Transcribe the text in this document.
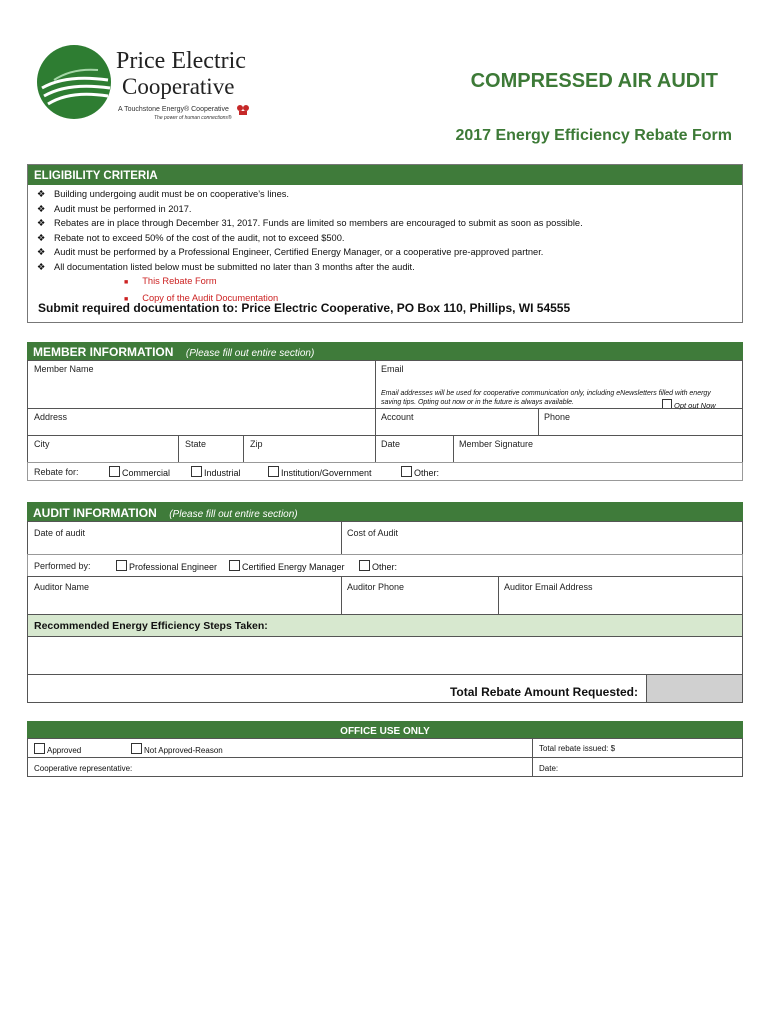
Price Electric
Cooperative
A Touchstone Energy® Cooperative
The power of human connections®
COMPRESSED AIR AUDIT
2017 Energy Efficiency Rebate Form
ELIGIBILITY CRITERIA
❖ Building undergoing audit must be on cooperative’s lines.
❖ Audit must be performed in 2017.
❖ Rebates are in place through December 31, 2017. Funds are limited so members are encouraged to submit as soon as possible.
❖ Rebate not to exceed 50% of the cost of the audit, not to exceed $500.
❖ Audit must be performed by a Professional Engineer, Certified Energy Manager, or a cooperative pre-approved partner.
❖ All documentation listed below must be submitted no later than 3 months after the audit.
■ This Rebate Form
■ Copy of the Audit Documentation
Submit required documentation to: Price Electric Cooperative, PO Box 110, Phillips, WI 54555
MEMBER INFORMATION (Please fill out entire section)
Member Name	Email
Email addresses will be used for cooperative communication only, including eNewsletters filled with energy saving tips. Opting out now or in the future is always available.	Opt out Now
Address	Account	Phone
City	State	Zip	Date	Member Signature
Rebate for:	Commercial	Industrial	Institution/Government	Other:
AUDIT INFORMATION (Please fill out entire section)
Date of audit	Cost of Audit
Performed by:	Professional Engineer	Certified Energy Manager	Other:
Auditor Name	Auditor Phone	Auditor Email Address
Recommended Energy Efficiency Steps Taken:
Total Rebate Amount Requested:
OFFICE USE ONLY
Approved	Not Approved-Reason	Total rebate issued: $
Cooperative representative:	Date:
